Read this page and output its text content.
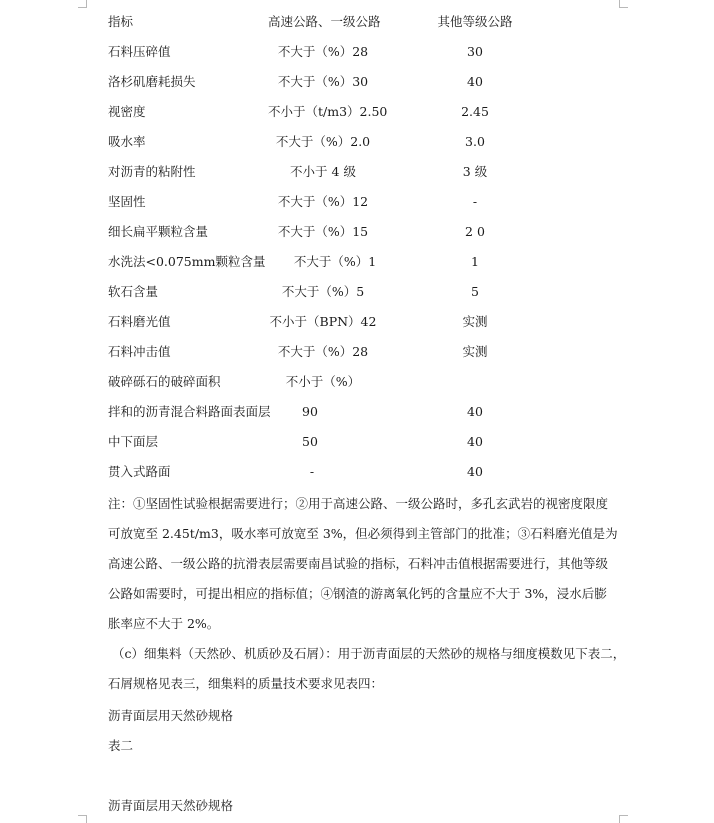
指标	高速公路、一级公路	其他等级公路
石料压碎值	不大于（%）28	30
洛杉矶磨耗损失	不大于（%）30	40
视密度	不小于（t/m3）2.50	2.45
吸水率	不大于（%）2.0	3.0
对沥青的粘附性	不小于 4 级	3 级
坚固性	不大于（%）12	-
细长扁平颗粒含量	不大于（%）15	2 0
水洗法<0.075mm颗粒含量	不大于（%）1	1
软石含量	不大于（%）5	5
石料磨光值	不小于（BPN）42	实测
石料冲击值	不大于（%）28	实测
破碎砾石的破碎面积	不小于（%）
拌和的沥青混合料路面表面层	90	40
中下面层	50	40
贯入式路面	-	40

注：①坚固性试验根据需要进行；②用于高速公路、一级公路时，多孔玄武岩的视密度限度

可放宽至 2.45t/m3，吸水率可放宽至 3%，但必须得到主管部门的批准；③石料磨光值是为

高速公路、一级公路的抗滑表层需要南昌试验的指标，石料冲击值根据需要进行，其他等级

公路如需要时，可提出相应的指标值；④钢渣的游离氧化钙的含量应不大于 3%，浸水后膨

胀率应不大于 2%。

（c）细集料（天然砂、机质砂及石屑）：用于沥青面层的天然砂的规格与细度模数见下表二，

石屑规格见表三，细集料的质量技术要求见表四：

沥青面层用天然砂规格
表二
沥青面层用天然砂规格
